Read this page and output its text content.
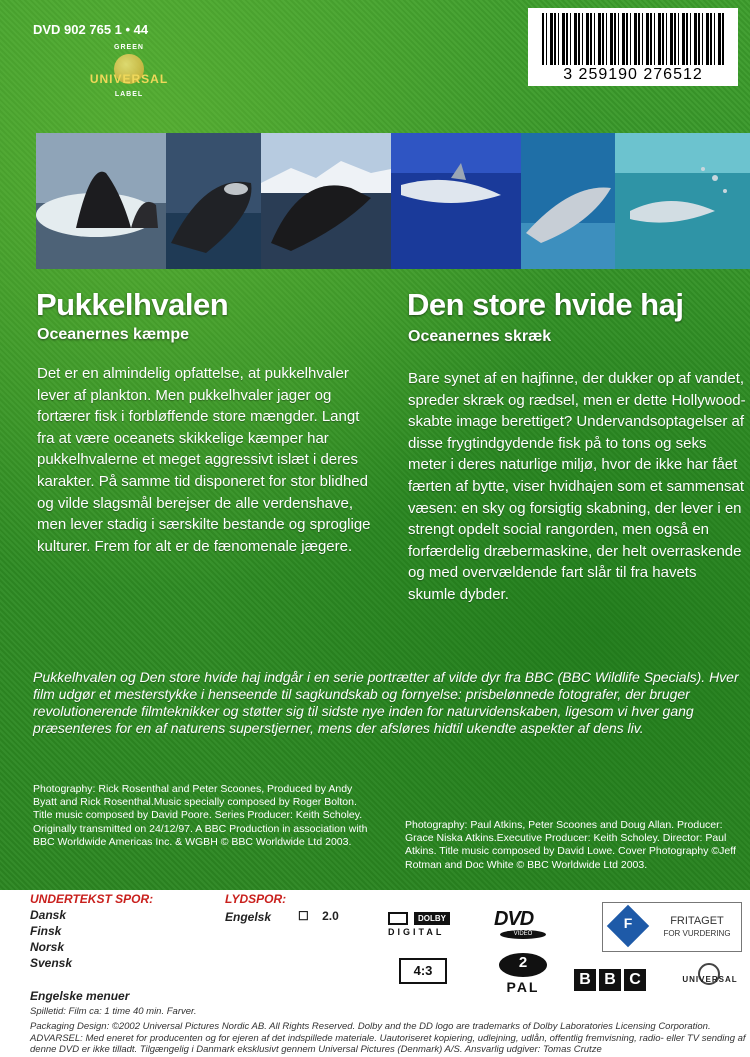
DVD 902 765 1 • 44
GREEN
UNIVERSAL
LABEL
3 259190 276512
Pukkelhvalen
Oceanernes kæmpe
Det er en almindelig opfattelse, at pukkelhvaler lever af plankton. Men pukkelhvaler jager og fortærer fisk i forbløffende store mængder. Langt fra at være oceanets skikkelige kæmper har pukkelhvalerne et meget aggressivt islæt i deres karakter. På samme tid disponeret for stor blidhed og vilde slagsmål berejser de alle verdenshave, men lever stadig i særskilte bestande og sproglige kulturer. Frem for alt er de fænomenale jægere.
Den store hvide haj
Oceanernes skræk
Bare synet af en hajfinne, der dukker op af vandet, spreder skræk og rædsel, men er dette Hollywood-skabte image berettiget? Undervandsoptagelser af disse frygtindgydende fisk på to tons og seks meter i deres naturlige miljø, hvor de ikke har fået færten af bytte, viser hvidhajen som et sammensat væsen: en sky og forsigtig skabning, der lever i en strengt opdelt social rangorden, men også en forfærdelig dræbermaskine, der helt overraskende og med overvældende fart slår til fra havets skumle dybder.
Pukkelhvalen og Den store hvide haj indgår i en serie portrætter af vilde dyr fra BBC (BBC Wildlife Specials). Hver film udgør et mesterstykke i henseende til sagkundskab og fornyelse: prisbelønnede fotografer, der bruger revolutionerende filmteknikker og støtter sig til sidste nye inden for naturvidenskaben, ligesom vi hver gang præsenteres for en af naturens superstjerner, mens der afsløres hidtil ukendte aspekter af dens liv.
Photography: Rick Rosenthal and Peter Scoones, Produced by Andy Byatt and Rick Rosenthal.Music specially composed by Roger Bolton. Title music composed by David Poore. Series Producer: Keith Scholey. Originally transmitted on 24/12/97. A BBC Production in association with BBC Worldwide Americas Inc. & WGBH © BBC Worldwide Ltd 2003.
Photography: Paul Atkins, Peter Scoones and Doug Allan. Producer: Grace Niska Atkins.Executive Producer: Keith Scholey. Director: Paul Atkins. Title music composed by David Lowe. Cover Photography ©Jeff Rotman and Doc White © BBC Worldwide Ltd 2003.
UNDERTEKST SPOR:
Dansk
Finsk
Norsk
Svensk
LYDSPOR:
Engelsk ☐ 2.0
Engelske menuer
DOLBY
DIGITAL
DVD
VIDEO
F	FRITAGET
FOR VURDERING
4:3	2
PAL	B B C	UNIVERSAL
Spilletid: Film ca: 1 time 40 min. Farver.
Packaging Design: ©2002 Universal Pictures Nordic AB. All Rights Reserved. Dolby and the DD logo are trademarks of Dolby Laboratories Licensing Corporation. ADVARSEL: Med eneret for producenten og for ejeren af det indspillede materiale. Uautoriseret kopiering, udlejning, udlån, offentlig fremvisning, radio- eller TV sending af denne DVD er ikke tilladt. Tilgængelig i Danmark eksklusivt gennem Universal Pictures (Denmark) A/S. Ansvarlig udgiver: Tomas Crutze
